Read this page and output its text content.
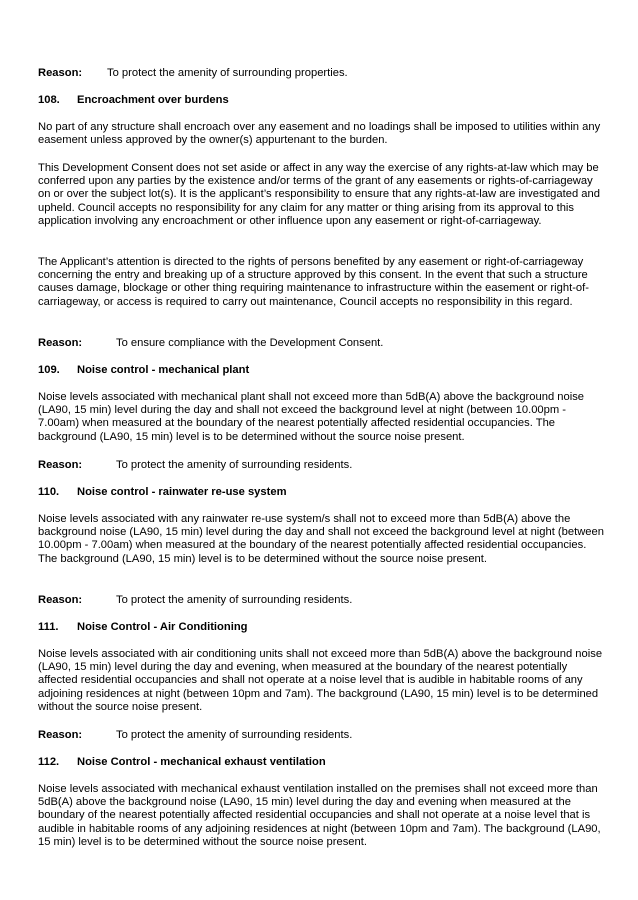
Reason: To protect the amenity of surrounding properties.
108. Encroachment over burdens
No part of any structure shall encroach over any easement and no loadings shall be imposed to utilities within any easement unless approved by the owner(s) appurtenant to the burden.
This Development Consent does not set aside or affect in any way the exercise of any rights-at-law which may be conferred upon any parties by the existence and/or terms of the grant of any easements or rights-of-carriageway on or over the subject lot(s). It is the applicant’s responsibility to ensure that any rights-at-law are investigated and upheld. Council accepts no responsibility for any claim for any matter or thing arising from its approval to this application involving any encroachment or other influence upon any easement or right-of-carriageway.
The Applicant’s attention is directed to the rights of persons benefited by any easement or right-of-carriageway concerning the entry and breaking up of a structure approved by this consent. In the event that such a structure causes damage, blockage or other thing requiring maintenance to infrastructure within the easement or right-of-carriageway, or access is required to carry out maintenance, Council accepts no responsibility in this regard.
Reason:	To ensure compliance with the Development Consent.
109. Noise control - mechanical plant
Noise levels associated with mechanical plant shall not exceed more than 5dB(A) above the background noise (LA90, 15 min) level during the day and shall not exceed the background level at night (between 10.00pm - 7.00am) when measured at the boundary of the nearest potentially affected residential occupancies. The background (LA90, 15 min) level is to be determined without the source noise present.
Reason:	To protect the amenity of surrounding residents.
110. Noise control - rainwater re-use system
Noise levels associated with any rainwater re-use system/s shall not to exceed more than 5dB(A) above the background noise (LA90, 15 min) level during the day and shall not exceed the background level at night (between 10.00pm - 7.00am) when measured at the boundary of the nearest potentially affected residential occupancies. The background (LA90, 15 min) level is to be determined without the source noise present.
Reason:	To protect the amenity of surrounding residents.
111. Noise Control - Air Conditioning
Noise levels associated with air conditioning units shall not exceed more than 5dB(A) above the background noise (LA90, 15 min) level during the day and evening, when measured at the boundary of the nearest potentially affected residential occupancies and shall not operate at a noise level that is audible in habitable rooms of any adjoining residences at night (between 10pm and 7am). The background (LA90, 15 min) level is to be determined without the source noise present.
Reason:	To protect the amenity of surrounding residents.
112. Noise Control - mechanical exhaust ventilation
Noise levels associated with mechanical exhaust ventilation installed on the premises shall not exceed more than 5dB(A) above the background noise (LA90, 15 min) level during the day and evening when measured at the boundary of the nearest potentially affected residential occupancies and shall not operate at a noise level that is audible in habitable rooms of any adjoining residences at night (between 10pm and 7am). The background (LA90, 15 min) level is to be determined without the source noise present.
